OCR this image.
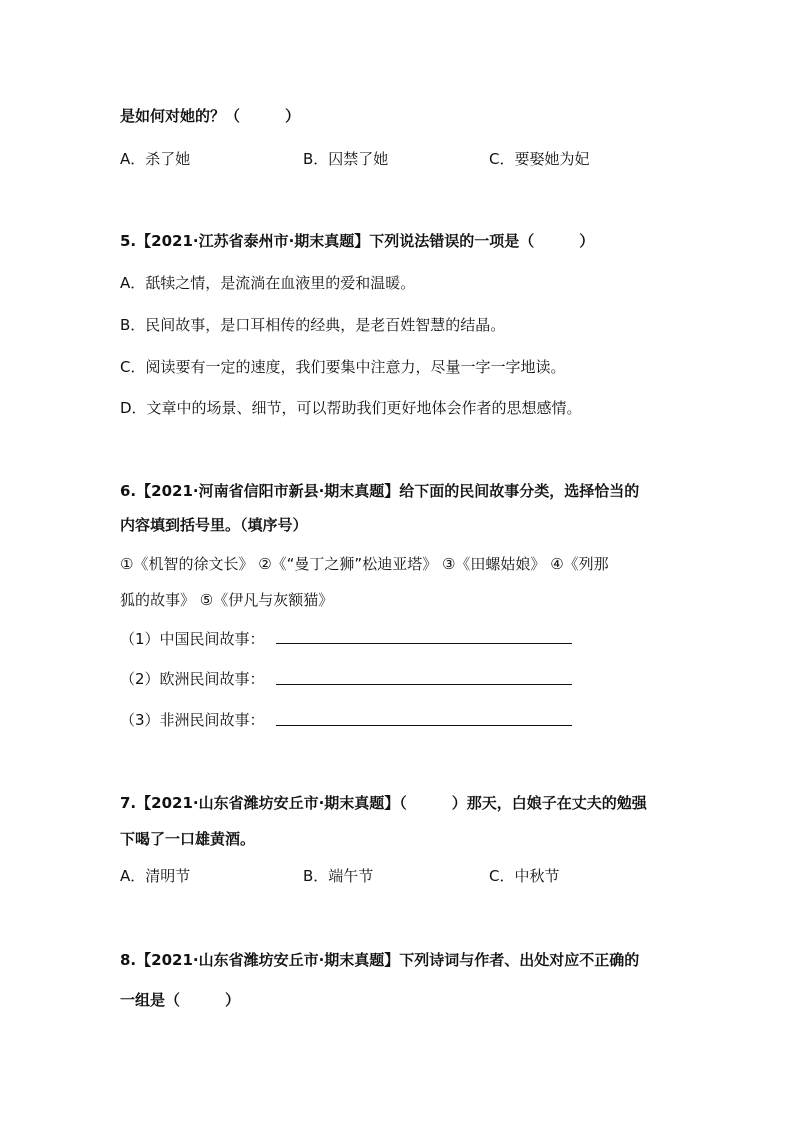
是如何对她的？（　　　）
A．杀了她	B．囚禁了她	C．要娶她为妃
5.【2021·江苏省泰州市·期末真题】下列说法错误的一项是（　　　）
A．舐犊之情，是流淌在血液里的爱和温暖。
B．民间故事，是口耳相传的经典，是老百姓智慧的结晶。
C．阅读要有一定的速度，我们要集中注意力，尽量一字一字地读。
D．文章中的场景、细节，可以帮助我们更好地体会作者的思想感情。
6.【2021·河南省信阳市新县·期末真题】给下面的民间故事分类，选择恰当的
内容填到括号里。（填序号）
①《机智的徐文长》 ②《“曼丁之狮”松迪亚塔》 ③《田螺姑娘》 ④《列那
狐的故事》 ⑤《伊凡与灰额猫》
（1）中国民间故事：
（2）欧洲民间故事：
（3）非洲民间故事：
7.【2021·山东省潍坊安丘市·期末真题】（　　　）那天，白娘子在丈夫的勉强
下喝了一口雄黄酒。
A．清明节	B．端午节	C．中秋节
8.【2021·山东省潍坊安丘市·期末真题】下列诗词与作者、出处对应不正确的
一组是（　　　）
